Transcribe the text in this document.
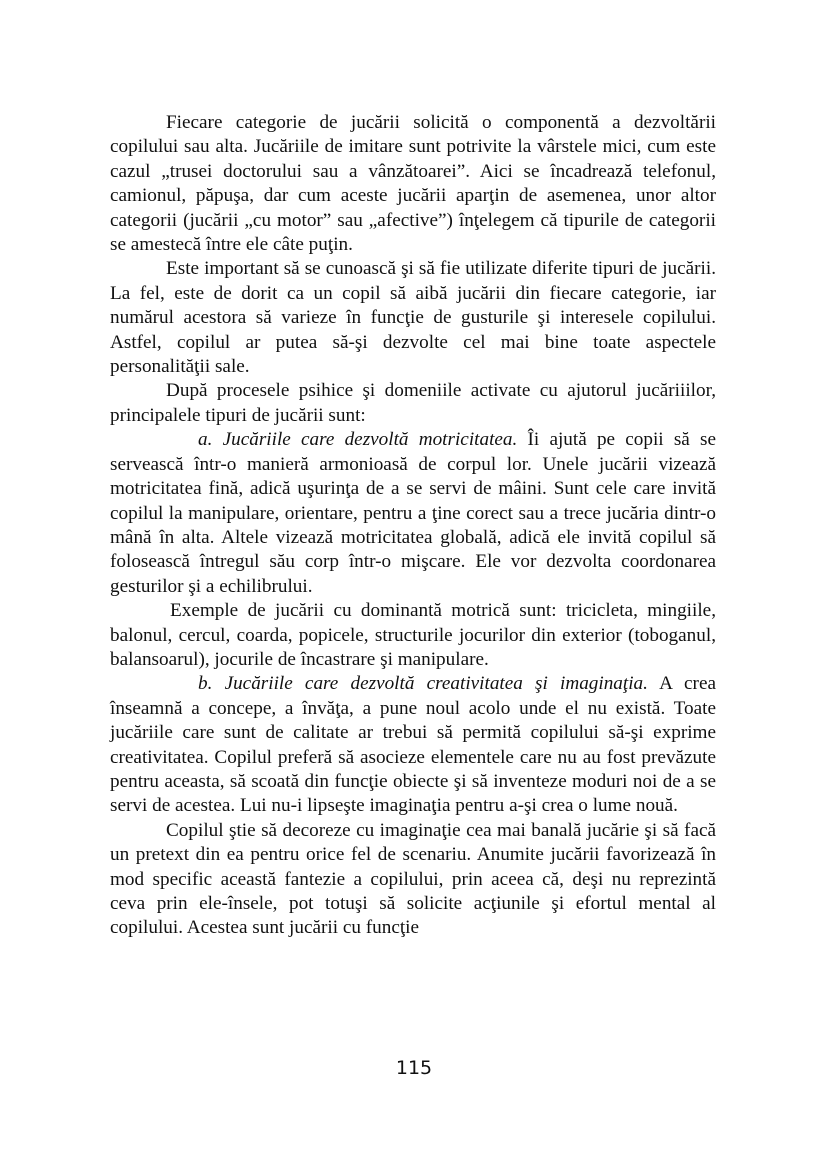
Fiecare categorie de jucării solicită o componentă a dezvoltării copilului sau alta. Jucăriile de imitare sunt potrivite la vârstele mici, cum este cazul „trusei doctorului sau a vânzătoarei”. Aici se încadrează telefonul, camionul, păpuşa, dar cum aceste jucării aparţin de asemenea, unor altor categorii (jucării „cu motor” sau „afective”) înţelegem că tipurile de categorii se amestecă între ele câte puţin.

Este important să se cunoască şi să fie utilizate diferite tipuri de jucării. La fel, este de dorit ca un copil să aibă jucării din fiecare categorie, iar numărul acestora să varieze în funcţie de gusturile şi interesele copilului. Astfel, copilul ar putea să-şi dezvolte cel mai bine toate aspectele personalităţii sale.

După procesele psihice şi domeniile activate cu ajutorul jucăriiilor, principalele tipuri de jucării sunt:

a. Jucăriile care dezvoltă motricitatea. Îi ajută pe copii să se servească într-o manieră armonioasă de corpul lor. Unele jucării vizează motricitatea fină, adică uşurinţa de a se servi de mâini. Sunt cele care invită copilul la manipulare, orientare, pentru a ţine corect sau a trece jucăria dintr-o mână în alta. Altele vizează motricitatea globală, adică ele invită copilul să folosească întregul său corp într-o mişcare. Ele vor dezvolta coordonarea gesturilor şi a echilibrului.

Exemple de jucării cu dominantă motrică sunt: tricicleta, mingiile, balonul, cercul, coarda, popicele, structurile jocurilor din exterior (toboganul, balansoarul), jocurile de încastrare şi manipulare.

b. Jucăriile care dezvoltă creativitatea şi imaginaţia. A crea înseamnă a concepe, a învăţa, a pune noul acolo unde el nu există. Toate jucăriile care sunt de calitate ar trebui să permită copilului să-şi exprime creativitatea. Copilul preferă să asocieze elementele care nu au fost prevăzute pentru aceasta, să scoată din funcţie obiecte şi să inventeze moduri noi de a se servi de acestea. Lui nu-i lipseşte imaginaţia pentru a-şi crea o lume nouă.

Copilul ştie să decoreze cu imaginaţie cea mai banală jucărie şi să facă un pretext din ea pentru orice fel de scenariu. Anumite jucării favorizează în mod specific această fantezie a copilului, prin aceea că, deşi nu reprezintă ceva prin ele-însele, pot totuşi să solicite acţiunile şi efortul mental al copilului. Acestea sunt jucării cu funcţie

115
